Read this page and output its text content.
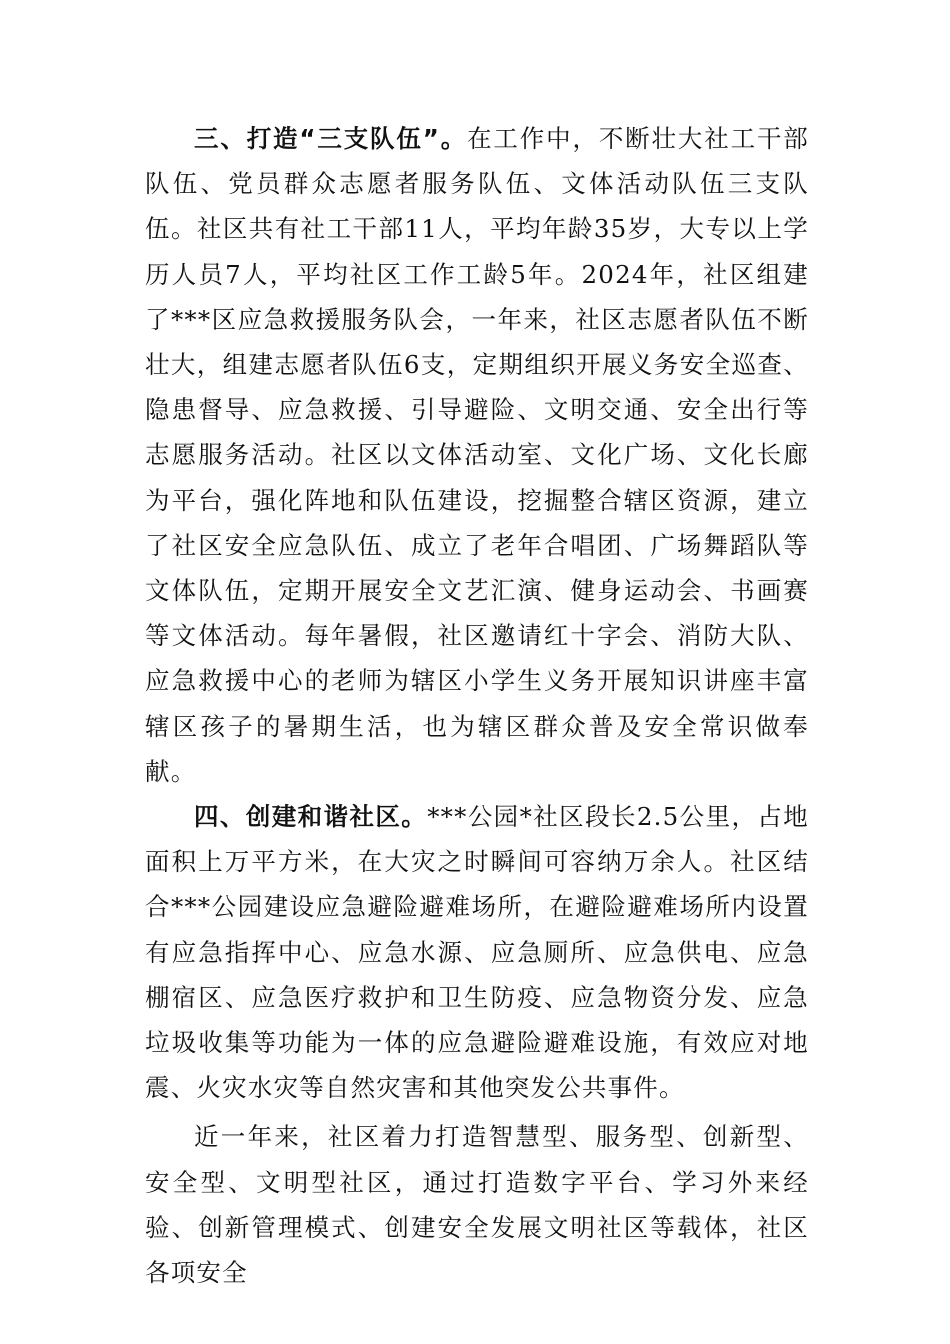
三、打造“三支队伍”。在工作中，不断壮大社工干部队伍、党员群众志愿者服务队伍、文体活动队伍三支队伍。社区共有社工干部11人，平均年龄35岁，大专以上学历人员7人，平均社区工作工龄5年。2024年，社区组建了***区应急救援服务队会，一年来，社区志愿者队伍不断壮大，组建志愿者队伍6支，定期组织开展义务安全巡查、隐患督导、应急救援、引导避险、文明交通、安全出行等志愿服务活动。社区以文体活动室、文化广场、文化长廊为平台，强化阵地和队伍建设，挖掘整合辖区资源，建立了社区安全应急队伍、成立了老年合唱团、广场舞蹈队等文体队伍，定期开展安全文艺汇演、健身运动会、书画赛等文体活动。每年暑假，社区邀请红十字会、消防大队、应急救援中心的老师为辖区小学生义务开展知识讲座丰富辖区孩子的暑期生活，也为辖区群众普及安全常识做奉献。

四、创建和谐社区。***公园*社区段长2.5公里，占地面积上万平方米，在大灾之时瞬间可容纳万余人。社区结合***公园建设应急避险避难场所，在避险避难场所内设置有应急指挥中心、应急水源、应急厕所、应急供电、应急棚宿区、应急医疗救护和卫生防疫、应急物资分发、应急垃圾收集等功能为一体的应急避险避难设施，有效应对地震、火灾水灾等自然灾害和其他突发公共事件。

近一年来，社区着力打造智慧型、服务型、创新型、安全型、文明型社区，通过打造数字平台、学习外来经验、创新管理模式、创建安全发展文明社区等载体，社区各项安全
